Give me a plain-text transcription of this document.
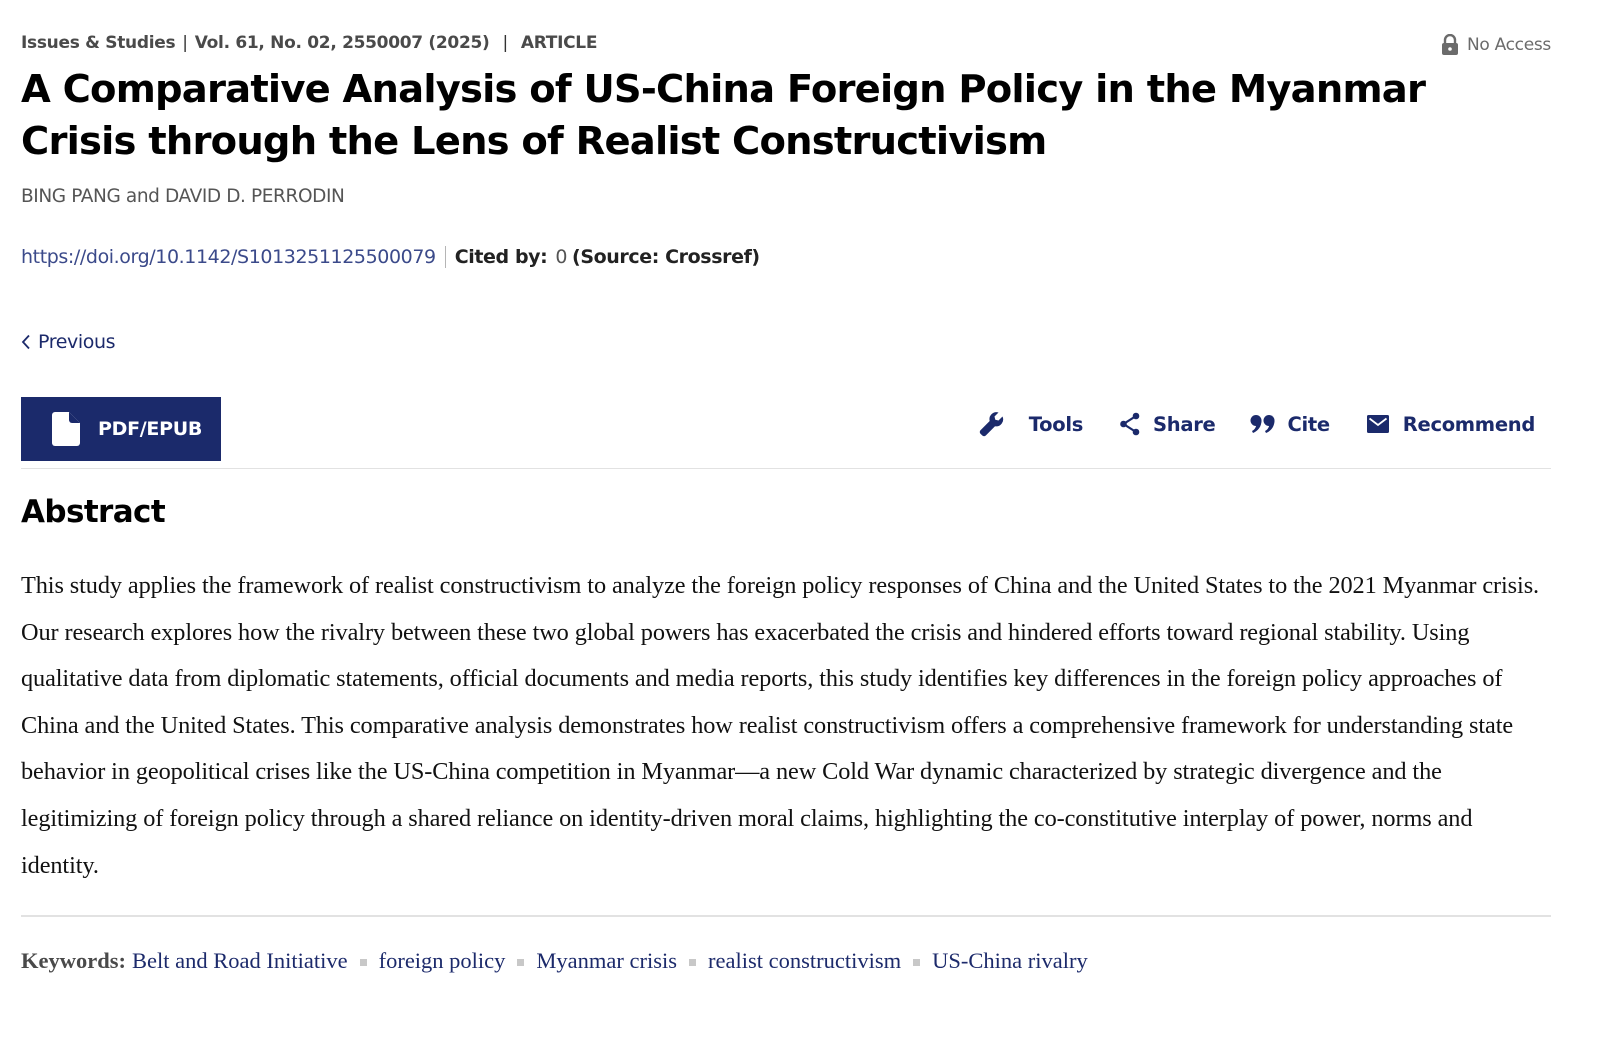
Issues & Studies | Vol. 61, No. 02, 2550007 (2025) | ARTICLE	No Access
A Comparative Analysis of US-China Foreign Policy in the Myanmar Crisis through the Lens of Realist Constructivism
BING PANG and DAVID D. PERRODIN
https://doi.org/10.1142/S1013251125500079 Cited by: 0 (Source: Crossref)
Previous
PDF/EPUB	Tools	Share	Cite	Recommend
Abstract

This study applies the framework of realist constructivism to analyze the foreign policy responses of China and the United States to the 2021 Myanmar crisis. Our research explores how the rivalry between these two global powers has exacerbated the crisis and hindered efforts toward regional stability. Using qualitative data from diplomatic statements, official documents and media reports, this study identifies key differences in the foreign policy approaches of China and the United States. This comparative analysis demonstrates how realist constructivism offers a comprehensive framework for understanding state behavior in geopolitical crises like the US-China competition in Myanmar—a new Cold War dynamic characterized by strategic divergence and the legitimizing of foreign policy through a shared reliance on identity-driven moral claims, highlighting the co-constitutive interplay of power, norms and identity.

Keywords: Belt and Road Initiative foreign policy Myanmar crisis realist constructivism US-China rivalry
